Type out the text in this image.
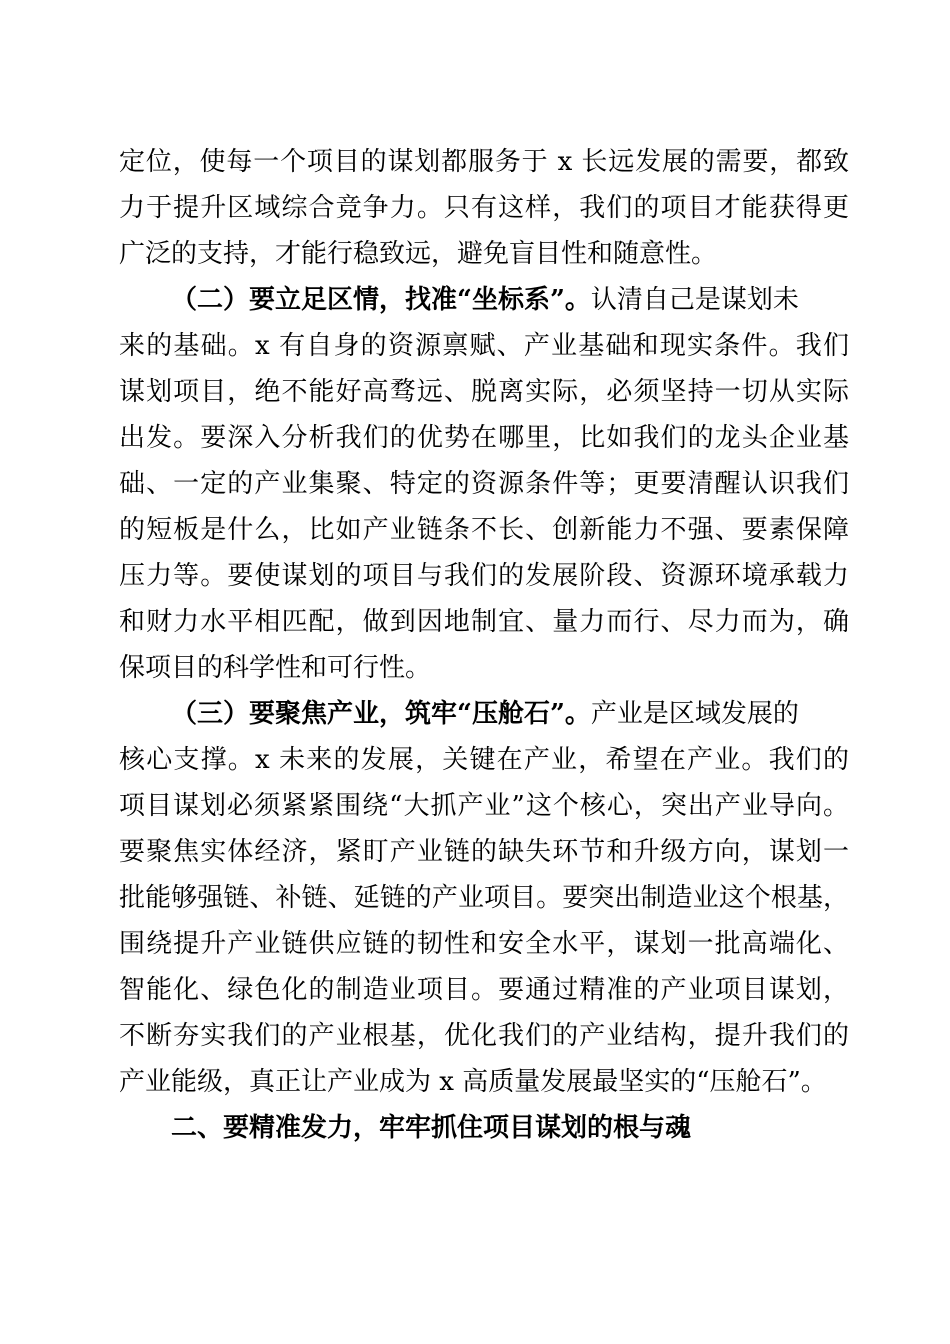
定位，使每一个项目的谋划都服务于 x 长远发展的需要，都致
力于提升区域综合竞争力。只有这样，我们的项目才能获得更
广泛的支持，才能行稳致远，避免盲目性和随意性。
（二）要立足区情，找准“坐标系”。认清自己是谋划未
来的基础。x 有自身的资源禀赋、产业基础和现实条件。我们
谋划项目，绝不能好高骛远、脱离实际，必须坚持一切从实际
出发。要深入分析我们的优势在哪里，比如我们的龙头企业基
础、一定的产业集聚、特定的资源条件等；更要清醒认识我们
的短板是什么，比如产业链条不长、创新能力不强、要素保障
压力等。要使谋划的项目与我们的发展阶段、资源环境承载力
和财力水平相匹配，做到因地制宜、量力而行、尽力而为，确
保项目的科学性和可行性。
（三）要聚焦产业，筑牢“压舱石”。产业是区域发展的
核心支撑。x 未来的发展，关键在产业，希望在产业。我们的
项目谋划必须紧紧围绕“大抓产业”这个核心，突出产业导向。
要聚焦实体经济，紧盯产业链的缺失环节和升级方向，谋划一
批能够强链、补链、延链的产业项目。要突出制造业这个根基，
围绕提升产业链供应链的韧性和安全水平，谋划一批高端化、
智能化、绿色化的制造业项目。要通过精准的产业项目谋划，
不断夯实我们的产业根基，优化我们的产业结构，提升我们的
产业能级，真正让产业成为 x 高质量发展最坚实的“压舱石”。
二、要精准发力，牢牢抓住项目谋划的根与魂
